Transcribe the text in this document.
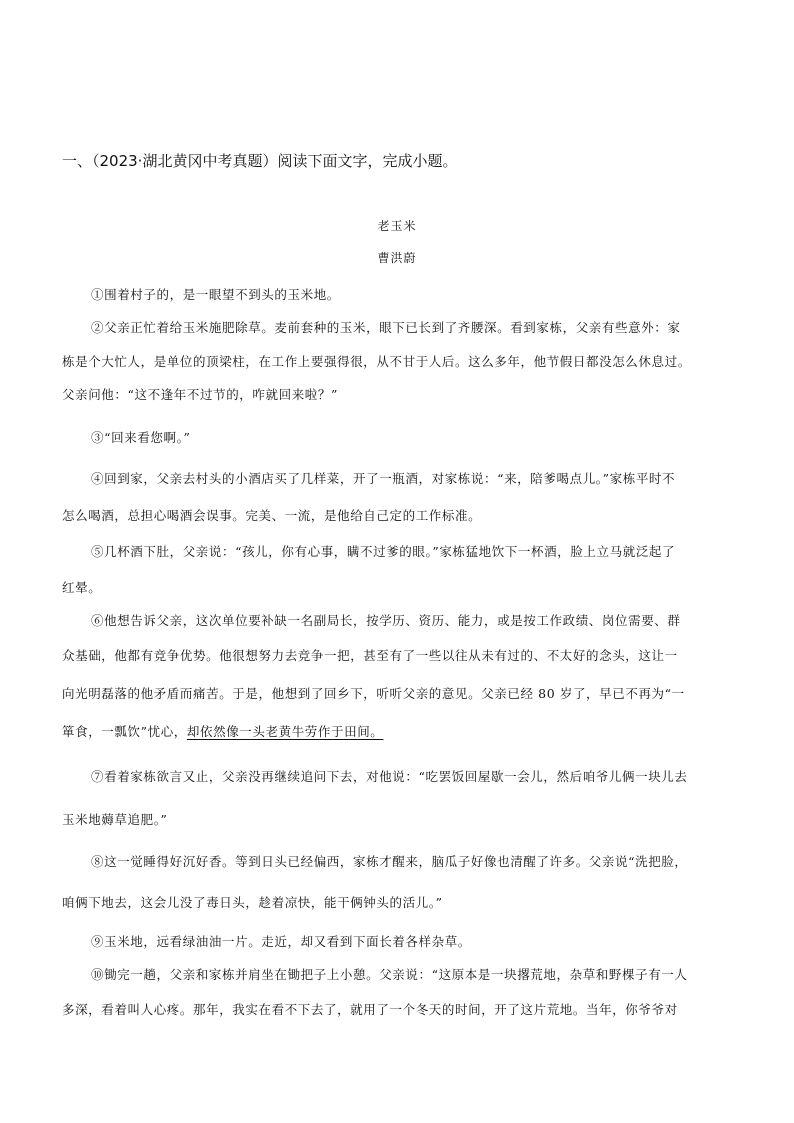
一、（2023·湖北黄冈中考真题）阅读下面文字，完成小题。
老玉米
曹洪蔚
①围着村子的，是一眼望不到头的玉米地。
②父亲正忙着给玉米施肥除草。麦前套种的玉米，眼下已长到了齐腰深。看到家栋，父亲有些意外：家
栋是个大忙人，是单位的顶梁柱，在工作上要强得很，从不甘于人后。这么多年，他节假日都没怎么休息过。
父亲问他：“这不逢年不过节的，咋就回来啦？”
③“回来看您啊。”
④回到家，父亲去村头的小酒店买了几样菜，开了一瓶酒，对家栋说：“来，陪爹喝点儿。”家栋平时不
怎么喝酒，总担心喝酒会误事。完美、一流，是他给自己定的工作标准。
⑤几杯酒下肚，父亲说：“孩儿，你有心事，瞒不过爹的眼。”家栋猛地饮下一杯酒，脸上立马就泛起了
红晕。
⑥他想告诉父亲，这次单位要补缺一名副局长，按学历、资历、能力，或是按工作政绩、岗位需要、群
众基础，他都有竞争优势。他很想努力去竞争一把，甚至有了一些以往从未有过的、不太好的念头，这让一
向光明磊落的他矛盾而痛苦。于是，他想到了回乡下，听听父亲的意见。父亲已经 80 岁了，早已不再为“一
箪食，一瓢饮”忧心，却依然像一头老黄牛劳作于田间。
⑦看着家栋欲言又止，父亲没再继续追问下去，对他说：“吃罢饭回屋歇一会儿，然后咱爷儿俩一块儿去
玉米地薅草追肥。”
⑧这一觉睡得好沉好香。等到日头已经偏西，家栋才醒来，脑瓜子好像也清醒了许多。父亲说“洗把脸，
咱俩下地去，这会儿没了毒日头，趁着凉快，能干俩钟头的活儿。”
⑨玉米地，远看绿油油一片。走近，却又看到下面长着各样杂草。
⑩锄完一趟，父亲和家栋并肩坐在锄把子上小憩。父亲说：“这原本是一块撂荒地，杂草和野棵子有一人
多深，看着叫人心疼。那年，我实在看不下去了，就用了一个冬天的时间，开了这片荒地。当年，你爷爷对
